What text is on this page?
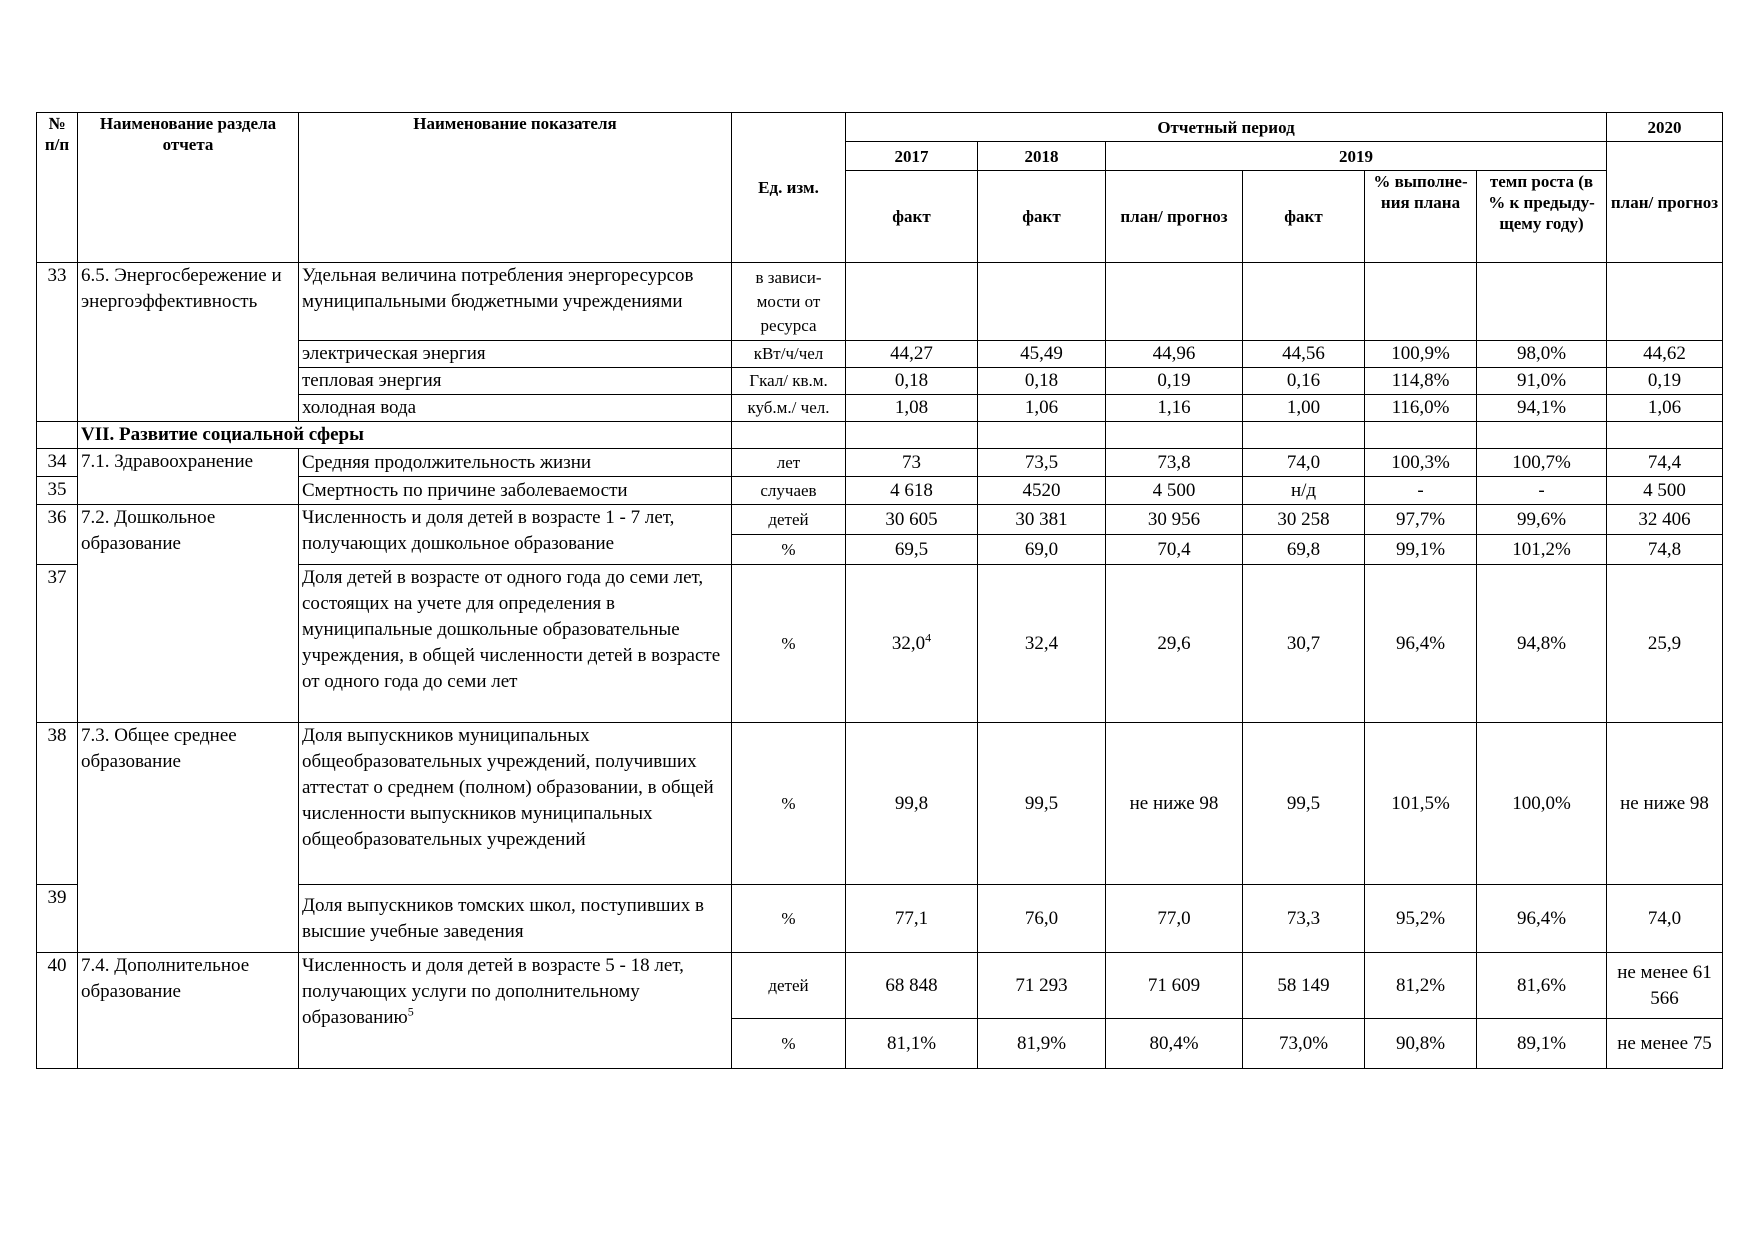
№ п/п	Наименование раздела отчета	Наименование показателя	Ед. изм.	Отчетный период						2020
				2017	2018	2019				план/ прогноз
				факт	факт	план/ прогноз	факт	% выполне-ния плана	темп роста (в % к предыду-щему году)	
33	6.5. Энергосбережение и энергоэффективность	Удельная величина потребления энергоресурсов муниципальными бюджетными учреждениями	в зависи-мости от ресурса							
		электрическая энергия	кВт/ч/чел	44,27	45,49	44,96	44,56	100,9%	98,0%	44,62
		тепловая энергия	Гкал/ кв.м.	0,18	0,18	0,19	0,16	114,8%	91,0%	0,19
		холодная вода	куб.м./ чел.	1,08	1,06	1,16	1,00	116,0%	94,1%	1,06
	VII. Развитие социальной сферы									
34	7.1. Здравоохранение	Средняя продолжительность жизни	лет	73	73,5	73,8	74,0	100,3%	100,7%	74,4
35		Смертность по причине заболеваемости	случаев	4 618	4520	4 500	н/д	-	-	4 500
36	7.2. Дошкольное образование	Численность и доля детей в возрасте 1 - 7 лет, получающих дошкольное образование	детей	30 605	30 381	30 956	30 258	97,7%	99,6%	32 406
			%	69,5	69,0	70,4	69,8	99,1%	101,2%	74,8
37		Доля детей в возрасте от одного года до семи лет, состоящих на учете для определения в муниципальные дошкольные образовательные учреждения, в общей численности детей в возрасте от одного года до семи лет	%	32,0$^4$	32,4	29,6	30,7	96,4%	94,8%	25,9
38	7.3. Общее среднее образование	Доля выпускников муниципальных общеобразовательных учреждений, получивших аттестат о среднем (полном) образовании, в общей численности выпускников муниципальных общеобразовательных учреждений	%	99,8	99,5	не ниже 98	99,5	101,5%	100,0%	не ниже 98
39		Доля выпускников томских школ, поступивших в высшие учебные заведения	%	77,1	76,0	77,0	73,3	95,2%	96,4%	74,0
40	7.4. Дополнительное образование	Численность и доля детей в возрасте 5 - 18 лет, получающих услуги по дополнительному образованию$^5$	детей	68 848	71 293	71 609	58 149	81,2%	81,6%	не менее 61 566
			%	81,1%	81,9%	80,4%	73,0%	90,8%	89,1%	не менее 75
